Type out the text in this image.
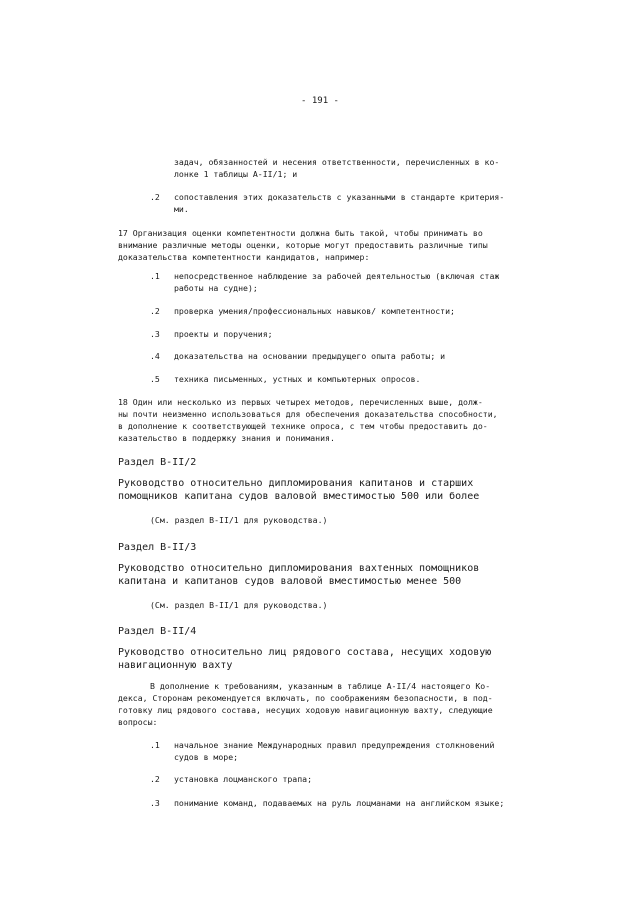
- 191 -
задач, обязанностей и несения ответственности, перечисленных в ко-
лонке 1 таблицы A-II/1; и
.2 сопоставления этих доказательств с указанными в стандарте критерия-
ми.
17 Организация оценки компетентности должна быть такой, чтобы принимать во
внимание различные методы оценки, которые могут предоставить различные типы
доказательства компетентности кандидатов, например:
.1 непосредственное наблюдение за рабочей деятельностью (включая стаж
работы на судне);
.2 проверка умения/профессиональных навыков/ компетентности;
.3 проекты и поручения;
.4 доказательства на основании предыдущего опыта работы; и
.5 техника письменных, устных и компьютерных опросов.
18 Один или несколько из первых четырех методов, перечисленных выше, долж-
ны почти неизменно использоваться для обеспечения доказательства способности,
в дополнение к соответствующей технике опроса, с тем чтобы предоставить до-
казательство в поддержку знания и понимания.
Раздел B-II/2
Руководство относительно дипломирования капитанов и старших
помощников капитана судов валовой вместимостью 500 или более
(См. раздел B-II/1 для руководства.)
Раздел B-II/3
Руководство относительно дипломирования вахтенных помощников
капитана и капитанов судов валовой вместимостью менее 500
(См. раздел B-II/1 для руководства.)
Раздел B-II/4
Руководство относительно лиц рядового состава, несущих ходовую
навигационную вахту
В дополнение к требованиям, указанным в таблице A-II/4 настоящего Ко-
декса, Сторонам рекомендуется включать, по соображениям безопасности, в под-
готовку лиц рядового состава, несущих ходовую навигационную вахту, следующие
вопросы:
.1 начальное знание Международных правил предупреждения столкновений
судов в море;
.2 установка лоцманского трапа;
.3 понимание команд, подаваемых на руль лоцманами на английском языке;
